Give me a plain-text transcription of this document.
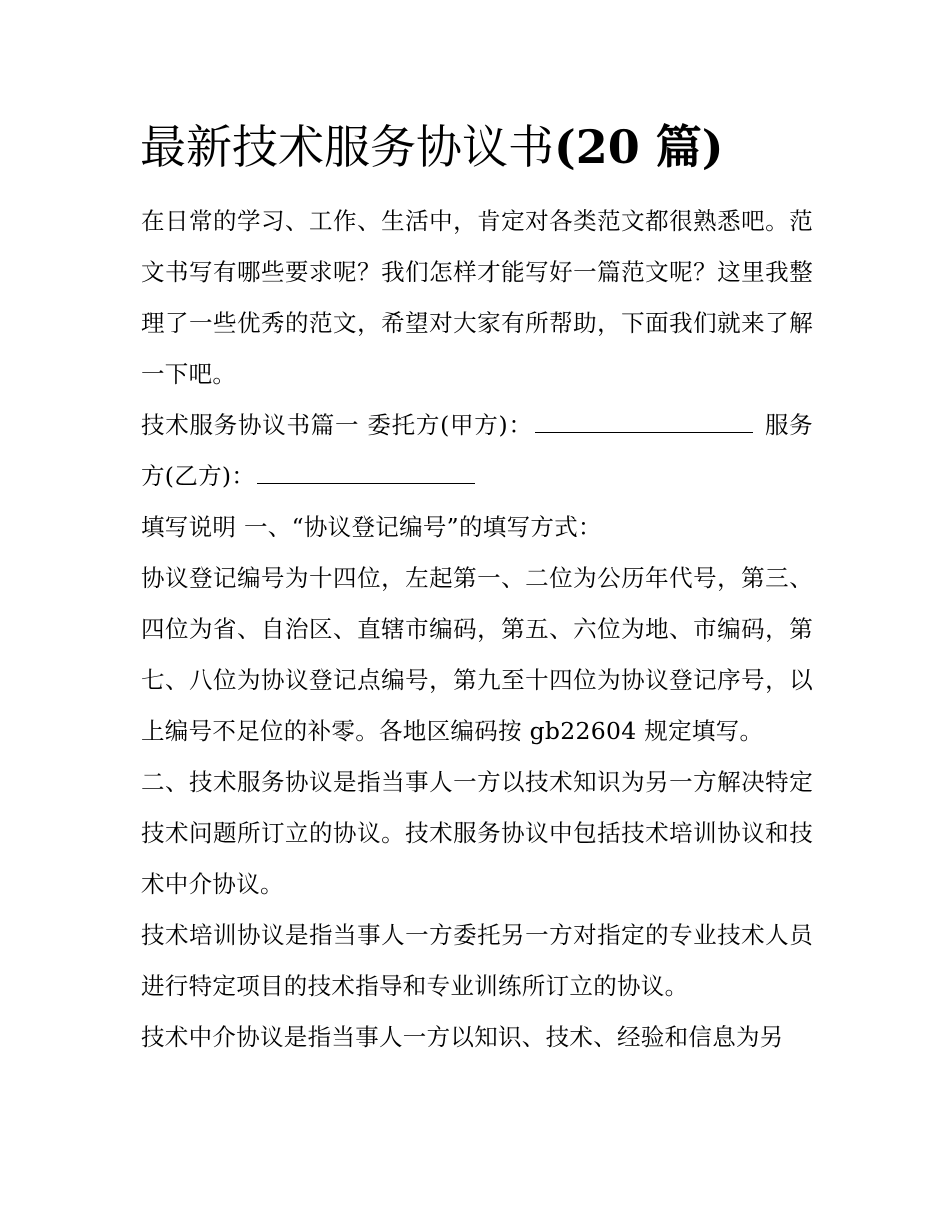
最新技术服务协议书(20 篇)

在日常的学习、工作、生活中，肯定对各类范文都很熟悉吧。范文书写有哪些要求呢？我们怎样才能写好一篇范文呢？这里我整理了一些优秀的范文，希望对大家有所帮助，下面我们就来了解一下吧。

技术服务协议书篇一 委托方(甲方)：	服务方(乙方)：

填写说明 一、“协议登记编号”的填写方式：

协议登记编号为十四位，左起第一、二位为公历年代号，第三、四位为省、自治区、直辖市编码，第五、六位为地、市编码，第七、八位为协议登记点编号，第九至十四位为协议登记序号，以上编号不足位的补零。各地区编码按 gb22604 规定填写。

二、技术服务协议是指当事人一方以技术知识为另一方解决特定技术问题所订立的协议。技术服务协议中包括技术培训协议和技术中介协议。

技术培训协议是指当事人一方委托另一方对指定的专业技术人员进行特定项目的技术指导和专业训练所订立的协议。

技术中介协议是指当事人一方以知识、技术、经验和信息为另
